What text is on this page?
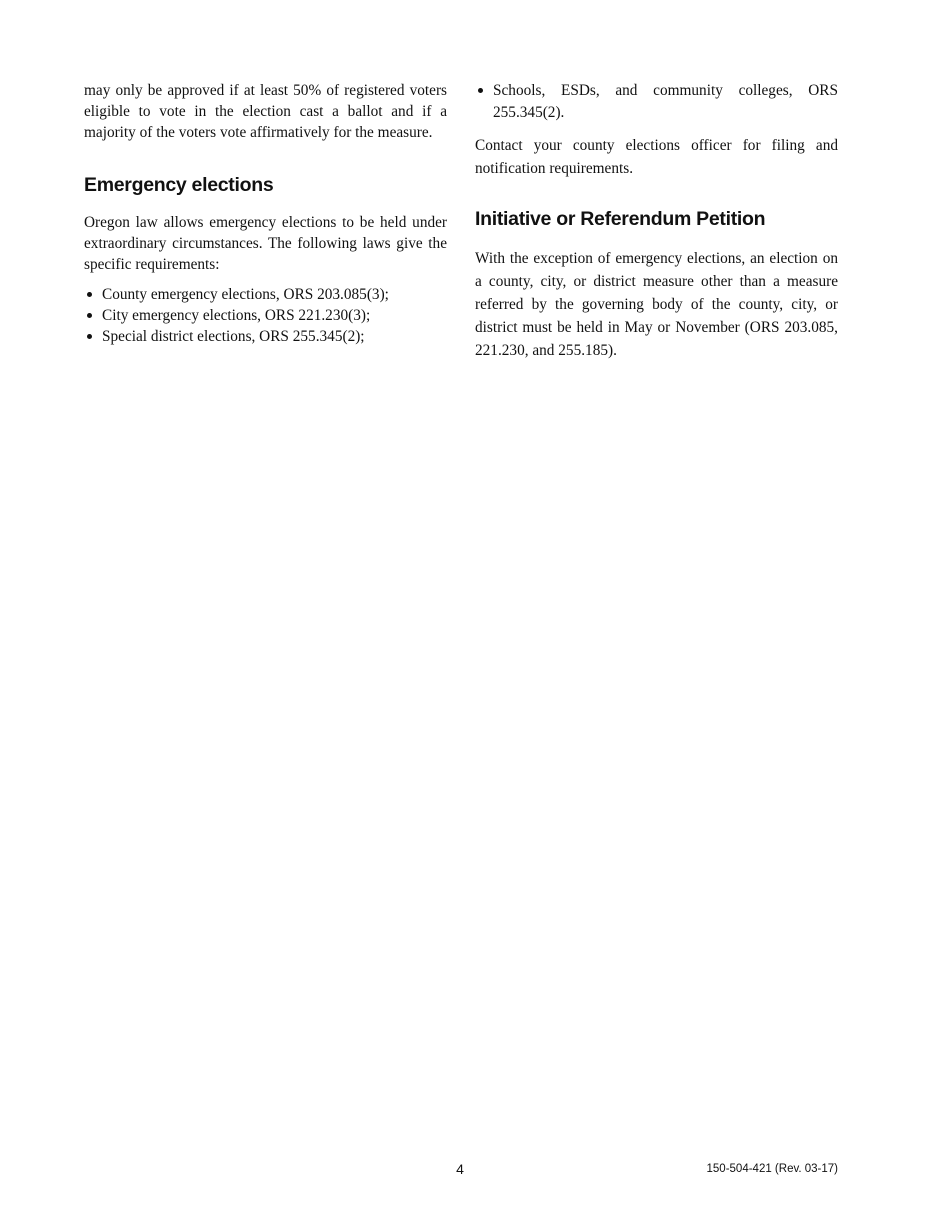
may only be approved if at least 50% of registered voters eligible to vote in the election cast a ballot and if a majority of the voters vote affirmatively for the measure.

Emergency elections

Oregon law allows emergency elections to be held under extraordinary circumstances. The following laws give the specific requirements:

County emergency elections, ORS 203.085(3);
City emergency elections, ORS 221.230(3);
Special district elections, ORS 255.345(2);
Schools, ESDs, and community colleges, ORS 255.345(2).

Contact your county elections officer for filing and notification requirements.

Initiative or Referendum Petition

With the exception of emergency elections, an election on a county, city, or district measure other than a measure referred by the governing body of the county, city, or district must be held in May or November (ORS 203.085, 221.230, and 255.185).

4	150-504-421 (Rev. 03-17)
